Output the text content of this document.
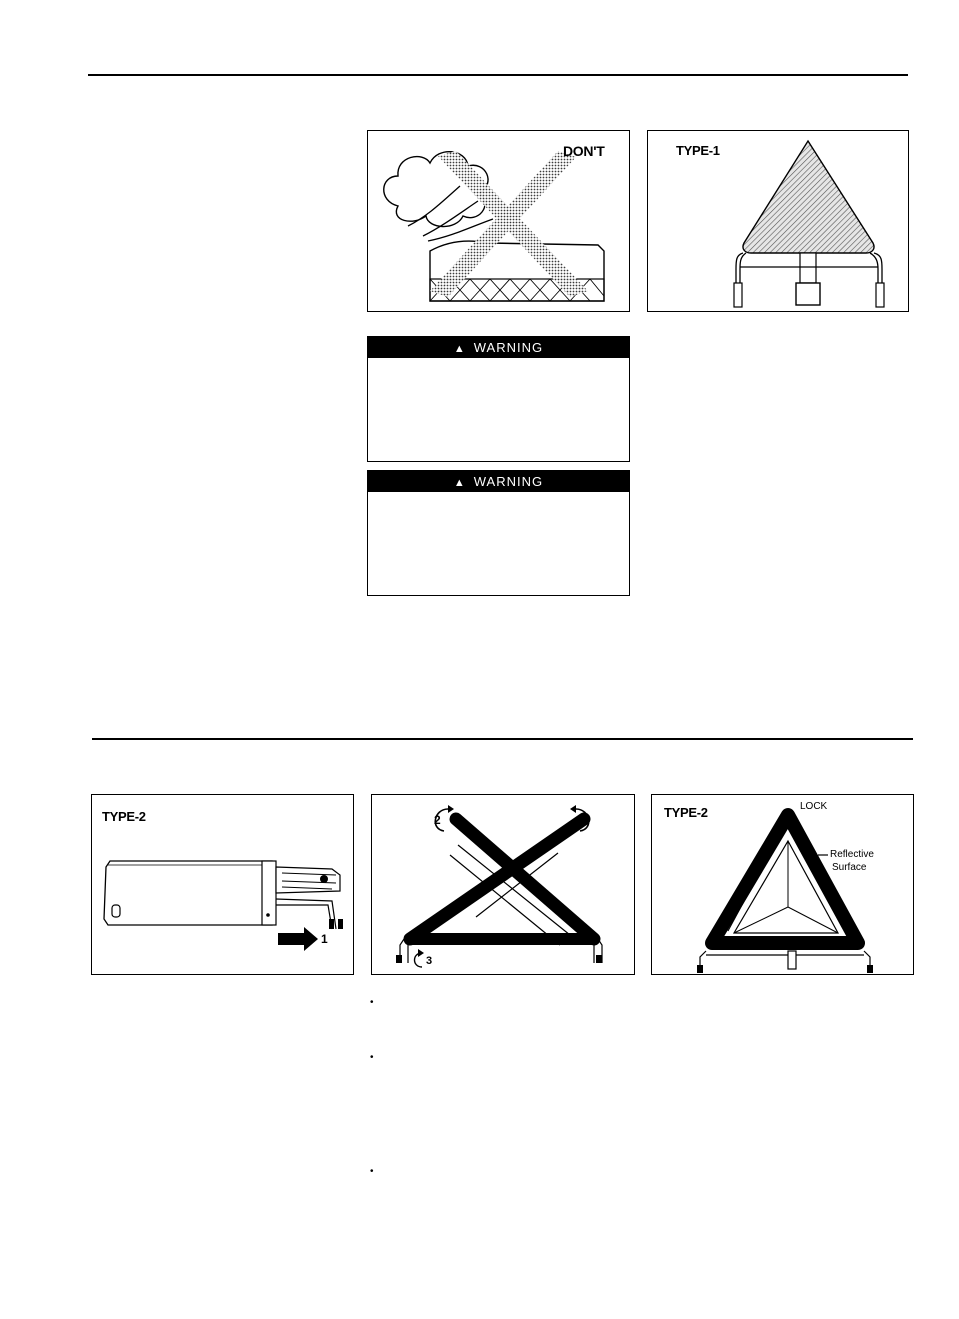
DON'T	TYPE-1
▲ WARNING
▲ WARNING
TYPE-2
1
2	2
3
TYPE-2	LOCK
Reflective
Surface
•
•
•
